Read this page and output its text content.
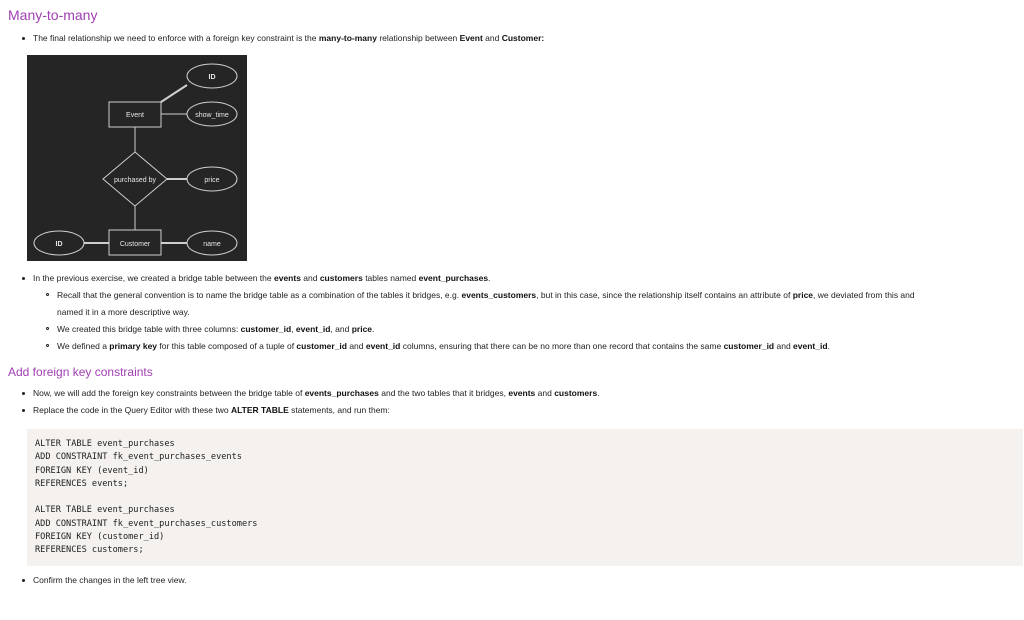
Many-to-many
The final relationship we need to enforce with a foreign key constraint is the many-to-many relationship between Event and Customer:
Event
ID
show_time
purchased by	price
Customer
ID	name
In the previous exercise, we created a bridge table between the events and customers tables named event_purchases.
Recall that the general convention is to name the bridge table as a combination of the tables it bridges, e.g. events_customers, but in this case, since the relationship itself contains an attribute of price, we deviated from this and
named it in a more descriptive way.
We created this bridge table with three columns: customer_id, event_id, and price.
We defined a primary key for this table composed of a tuple of customer_id and event_id columns, ensuring that there can be no more than one record that contains the same customer_id and event_id.
Add foreign key constraints
Now, we will add the foreign key constraints between the bridge table of events_purchases and the two tables that it bridges, events and customers.
Replace the code in the Query Editor with these two ALTER TABLE statements, and run them:
ALTER TABLE event_purchases
ADD CONSTRAINT fk_event_purchases_events
FOREIGN KEY (event_id)
REFERENCES events;
ALTER TABLE event_purchases
ADD CONSTRAINT fk_event_purchases_customers
FOREIGN KEY (customer_id)
REFERENCES customers;
Confirm the changes in the left tree view.
